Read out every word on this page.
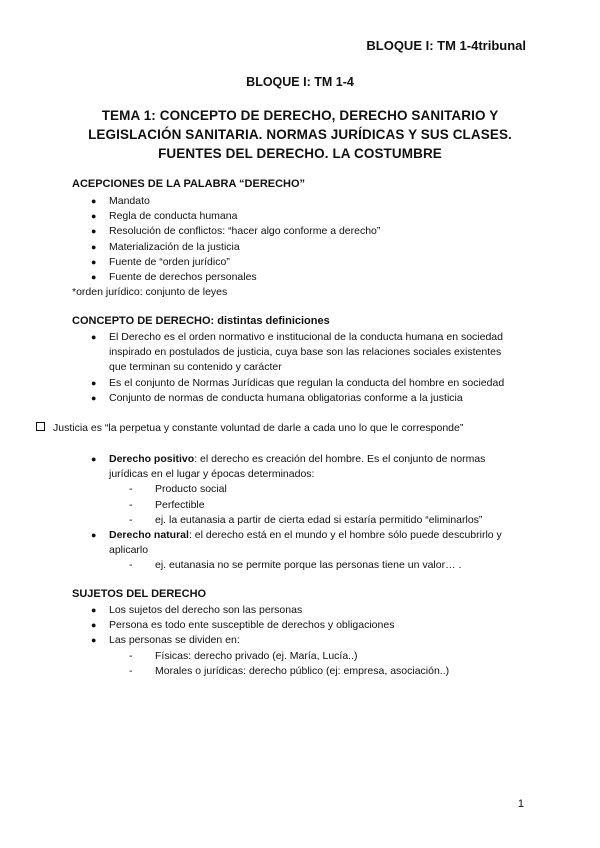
BLOQUE I: TM 1-4tribunal
BLOQUE I: TM 1-4
TEMA 1: CONCEPTO DE DERECHO, DERECHO SANITARIO Y
LEGISLACIÓN SANITARIA. NORMAS JURÍDICAS Y SUS CLASES.
FUENTES DEL DERECHO. LA COSTUMBRE
ACEPCIONES DE LA PALABRA “DERECHO”
● Mandato
● Regla de conducta humana
● Resolución de conflictos: “hacer algo conforme a derecho”
● Materialización de la justicia
● Fuente de “orden jurídico”
● Fuente de derechos personales
*orden jurídico: conjunto de leyes
CONCEPTO DE DERECHO: distintas definiciones
● El Derecho es el orden normativo e institucional de la conducta humana en sociedad
inspirado en postulados de justicia, cuya base son las relaciones sociales existentes
que terminan su contenido y carácter
● Es el conjunto de Normas Jurídicas que regulan la conducta del hombre en sociedad
● Conjunto de normas de conducta humana obligatorias conforme a la justicia
Justicia es “la perpetua y constante voluntad de darle a cada uno lo que le corresponde”
● Derecho positivo: el derecho es creación del hombre. Es el conjunto de normas
jurídicas en el lugar y épocas determinados:
- Producto social
- Perfectible
- ej. la eutanasia a partir de cierta edad si estaría permitido “eliminarlos”
● Derecho natural: el derecho está en el mundo y el hombre sólo puede descubrirlo y
aplicarlo
- ej. eutanasia no se permite porque las personas tiene un valor… .
SUJETOS DEL DERECHO
● Los sujetos del derecho son las personas
● Persona es todo ente susceptible de derechos y obligaciones
● Las personas se dividen en:
- Físicas: derecho privado (ej. María, Lucía..)
- Morales o jurídicas: derecho público (ej: empresa, asociación..)
1
